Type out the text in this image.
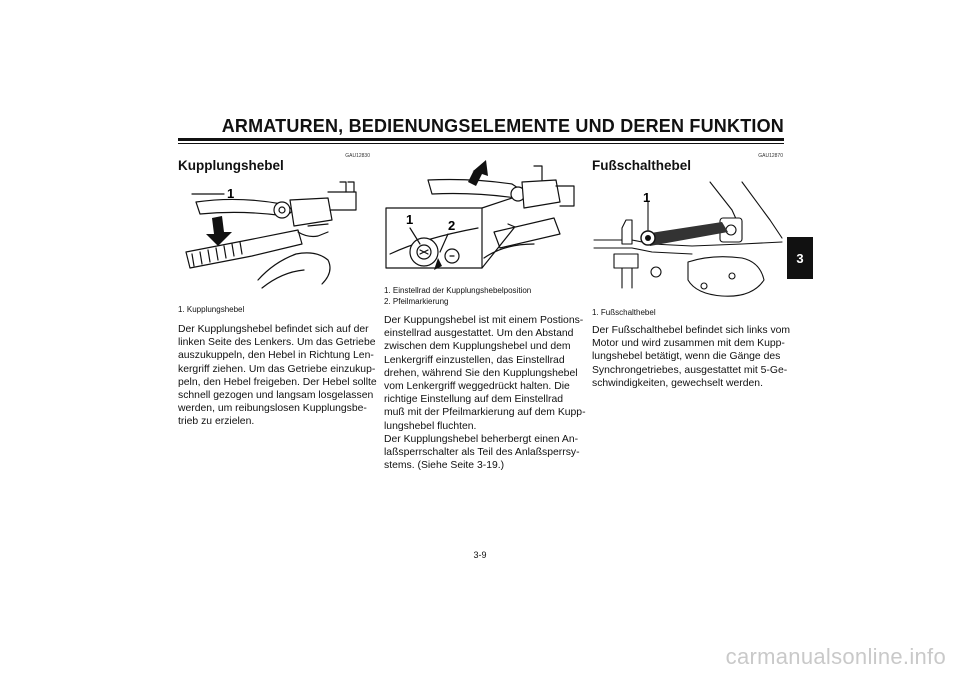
ARMATUREN, BEDIENUNGSELEMENTE UND DEREN FUNKTION
3
GAU12830
Kupplungshebel
1
1. Kupplungshebel
Der Kupplungshebel befindet sich auf der
linken Seite des Lenkers. Um das Getriebe
auszukuppeln, den Hebel in Richtung Len-
kergriff ziehen. Um das Getriebe einzukup-
peln, den Hebel freigeben. Der Hebel sollte
schnell gezogen und langsam losgelassen
werden, um reibungslosen Kupplungsbe-
trieb zu erzielen.
1	2
1. Einstellrad der Kupplungshebelposition
2. Pfeilmarkierung
Der Kuppungshebel ist mit einem Postions-
einstellrad ausgestattet. Um den Abstand
zwischen dem Kupplungshebel und dem
Lenkergriff einzustellen, das Einstellrad
drehen, während Sie den Kupplungshebel
vom Lenkergriff weggedrückt halten. Die
richtige Einstellung auf dem Einstellrad
muß mit der Pfeilmarkierung auf dem Kupp-
lungshebel fluchten.
Der Kupplungshebel beherbergt einen An-
laßsperrschalter als Teil des Anlaßsperrsy-
stems. (Siehe Seite 3-19.)
GAU12870
Fußschalthebel
1
1. Fußschalthebel
Der Fußschalthebel befindet sich links vom
Motor und wird zusammen mit dem Kupp-
lungshebel betätigt, wenn die Gänge des
Synchrongetriebes, ausgestattet mit 5-Ge-
schwindigkeiten, gewechselt werden.
3-9
carmanualsonline.info
